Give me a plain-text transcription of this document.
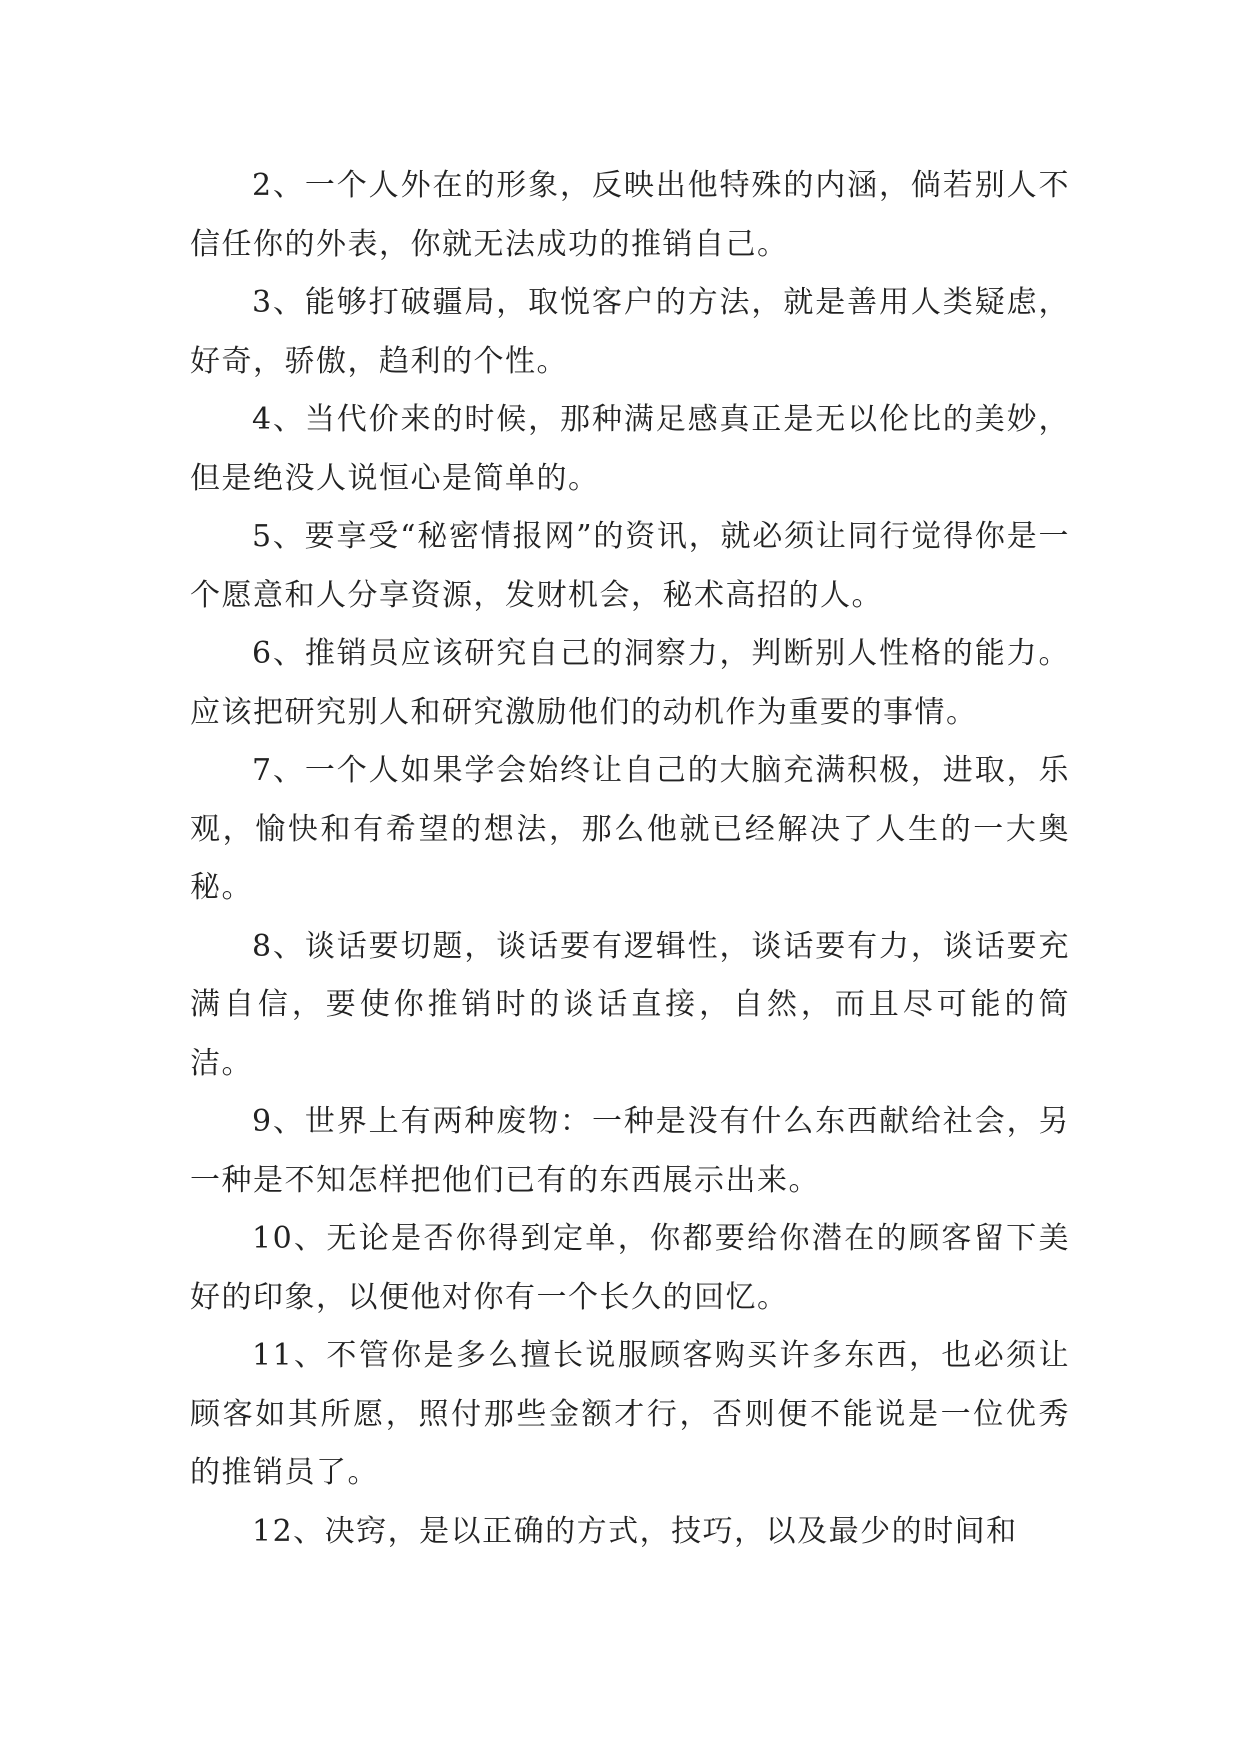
2、一个人外在的形象，反映出他特殊的内涵，倘若别人不信任你的外表，你就无法成功的推销自己。

3、能够打破疆局，取悦客户的方法，就是善用人类疑虑，好奇，骄傲，趋利的个性。

4、当代价来的时候，那种满足感真正是无以伦比的美妙，但是绝没人说恒心是简单的。

5、要享受“秘密情报网”的资讯，就必须让同行觉得你是一个愿意和人分享资源，发财机会，秘术高招的人。

6、推销员应该研究自己的洞察力，判断别人性格的能力。应该把研究别人和研究激励他们的动机作为重要的事情。

7、一个人如果学会始终让自己的大脑充满积极，进取，乐观，愉快和有希望的想法，那么他就已经解决了人生的一大奥秘。

8、谈话要切题，谈话要有逻辑性，谈话要有力，谈话要充满自信，要使你推销时的谈话直接，自然，而且尽可能的简洁。

9、世界上有两种废物：一种是没有什么东西献给社会，另一种是不知怎样把他们已有的东西展示出来。

10、无论是否你得到定单，你都要给你潜在的顾客留下美好的印象，以便他对你有一个长久的回忆。

11、不管你是多么擅长说服顾客购买许多东西，也必须让顾客如其所愿，照付那些金额才行，否则便不能说是一位优秀的推销员了。

12、决窍，是以正确的方式，技巧，以及最少的时间和
